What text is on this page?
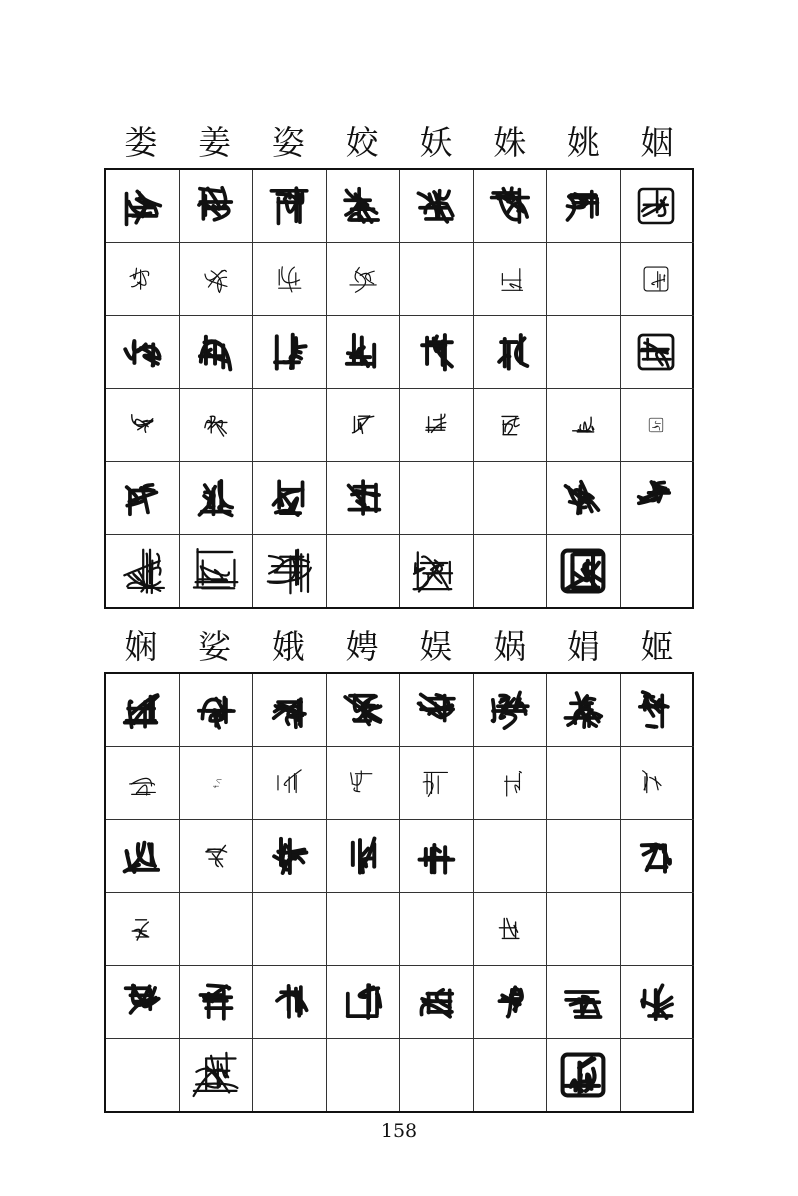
娄	姜	姿	姣	妖	姝	姚	姻
娴	娑	娥	娉	娱	娲	娟	姬
158
